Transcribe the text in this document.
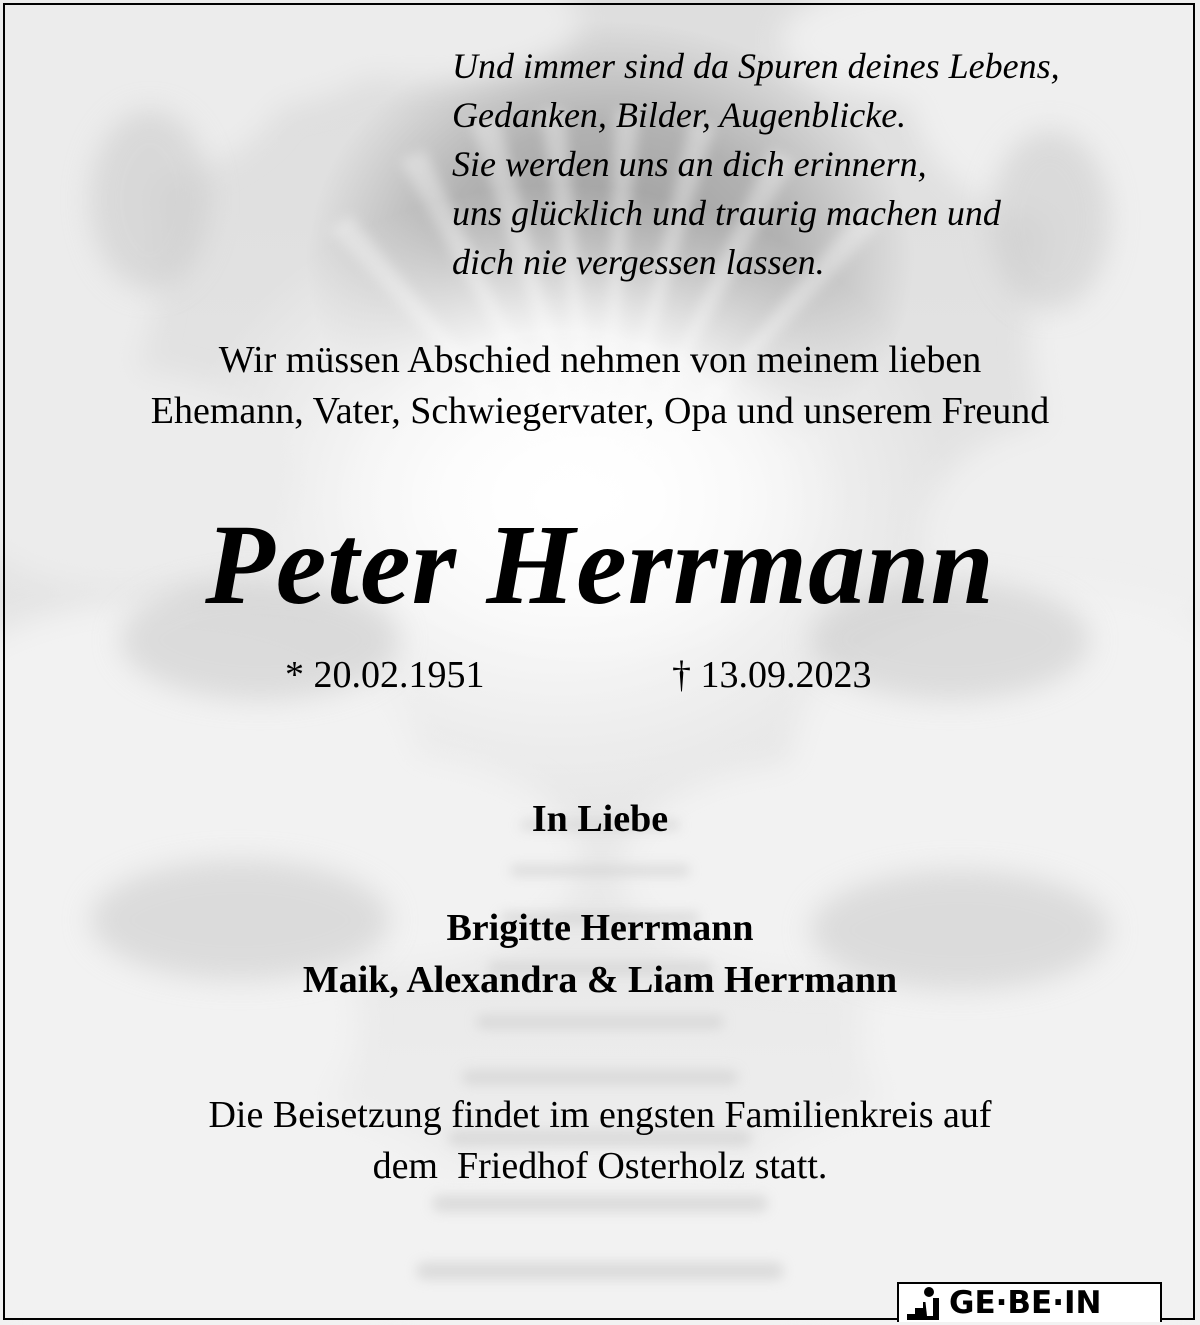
Und immer sind da Spuren deines Lebens,
Gedanken, Bilder, Augenblicke.
Sie werden uns an dich erinnern,
uns glücklich und traurig machen und
dich nie vergessen lassen.
Wir müssen Abschied nehmen von meinem lieben
Ehemann, Vater, Schwiegervater, Opa und unserem Freund
Peter Herrmann
* 20.02.1951	† 13.09.2023
In Liebe
Brigitte Herrmann
Maik, Alexandra & Liam Herrmann
Die Beisetzung findet im engsten Familienkreis auf
dem  Friedhof Osterholz statt.
GE·BE·IN
